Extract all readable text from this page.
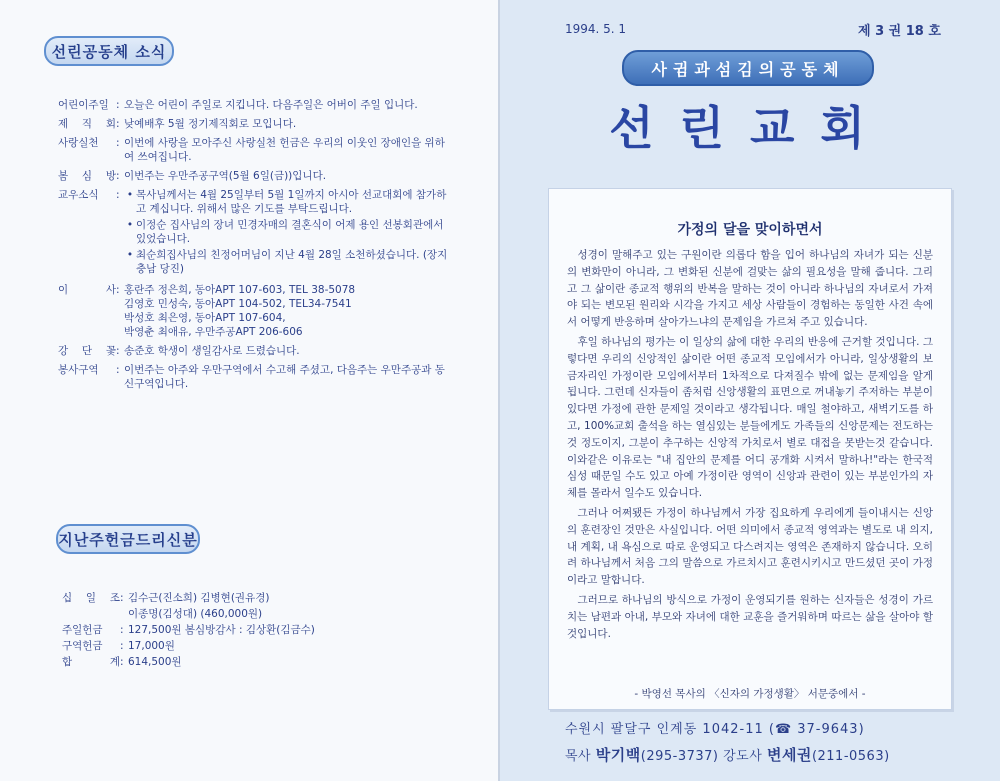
선린공동체 소식
어린이주일 : 오늘은 어린이 주일로 지킵니다. 다음주일은 어버이 주일 입니다.
제 직 회 : 낮예배후 5월 정기제직회로 모입니다.
사랑실천	: 이번에 사랑을 모아주신 사랑실천 헌금은 우리의 이웃인 장애인을 위하여 쓰여집니다.
봄 심 방 : 이번주는 우만주공구역(5월 6일(금))입니다.
교우소식	: • 목사님께서는 4월 25일부터 5월 1일까지 아시아 선교대회에 참가하고 계십니다. 위해서 많은 기도를 부탁드립니다.
• 이정순 집사님의 장녀 민경자매의 결혼식이 어제 용인 선봉회관에서 있었습니다.
• 최순희집사님의 친정어머님이 지난 4월 28일 소천하셨습니다. (장지 충남 당진)
이 사 : 홍란주 정은희, 동아APT 107-603, TEL 38-5078
김영호 민성숙, 동아APT 104-502, TEL34-7541
박성호 최은영, 동아APT 107-604,
박영춘 최애유, 우만주공APT 206-606
강 단 꽃 : 송준호 학생이 생일감사로 드렸습니다.
봉사구역	: 이번주는 아주와 우만구역에서 수고해 주셨고, 다음주는 우만주공과 동신구역입니다.
지난주헌금드리신분
십 일 조 : 김수근(진소희) 김병현(권유경)
이종명(김성대) (460,000원)
주일헌금	: 127,500원 봄심방감사 : 김상환(김금수)
구역헌금	: 17,000원
합 계 : 614,500원
1994. 5. 1	제 3 권 18 호
사귐과섬김의공동체
선린교회
가정의 달을 맞이하면서

성경이 말해주고 있는 구원이란 의롭다 함을 입어 하나님의 자녀가 되는 신분의 변화만이 아니라, 그 변화된 신분에 걸맞는 삶의 필요성을 말해 줍니다. 그리고 그 삶이란 종교적 행위의 반복을 말하는 것이 아니라 하나님의 자녀로서 가져야 되는 변모된 원리와 시각을 가지고 세상 사람들이 경험하는 동일한 사건 속에서 어떻게 반응하며 살아가느냐의 문제임을 가르쳐 주고 있습니다.

후일 하나님의 평가는 이 일상의 삶에 대한 우리의 반응에 근거할 것입니다. 그렇다면 우리의 신앙적인 삶이란 어떤 종교적 모임에서가 아니라, 일상생활의 보금자리인 가정이란 모임에서부터 1차적으로 다져질수 밖에 없는 문제임을 알게 됩니다. 그런데 신자들이 좀처럼 신앙생활의 표면으로 꺼내놓기 주저하는 부분이 있다면 가정에 관한 문제일 것이라고 생각됩니다. 매일 철야하고, 새벽기도를 하고, 100%교회 출석을 하는 열심있는 분들에게도 가족들의 신앙문제는 전도하는 것 정도이지, 그분이 추구하는 신앙적 가치로서 별로 대접을 못받는것 같습니다. 이와같은 이유로는 "내 집안의 문제를 어디 공개화 시켜서 말하나!"라는 한국적 심성 때문일 수도 있고 아예 가정이란 영역이 신앙과 관련이 있는 부분인가의 자체를 몰라서 일수도 있습니다.

그러나 어쩌됐든 가정이 하나님께서 가장 집요하게 우리에게 들이내시는 신앙의 훈련장인 것만은 사실입니다. 어떤 의미에서 종교적 영역과는 별도로 내 의지, 내 계획, 내 욕심으로 따로 운영되고 다스려지는 영역은 존재하지 않습니다. 오히려 하나님께서 처음 그의 말씀으로 가르치시고 훈련시키시고 만드셨던 곳이 가정이라고 말합니다.

그러므로 하나님의 방식으로 가정이 운영되기를 원하는 신자들은 성경이 가르치는 남편과 아내, 부모와 자녀에 대한 교훈을 즐거워하며 따르는 삶을 살아야 할 것입니다.

- 박영선 목사의 〈신자의 가정생활〉 서문중에서 -
수원시 팔달구 인계동 1042-11 (☎ 37-9643)
목사 박기백(295-3737) 강도사 변세권(211-0563)
